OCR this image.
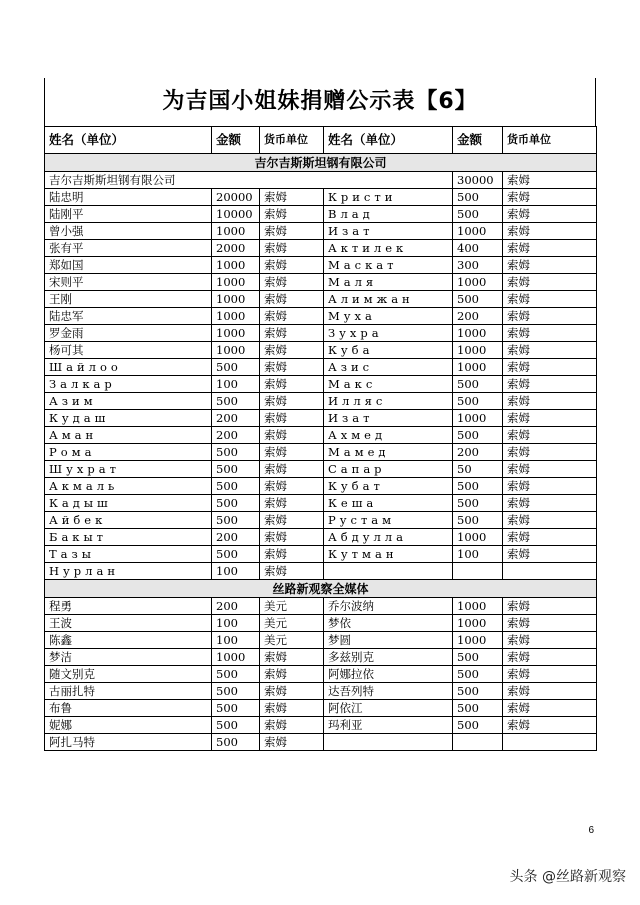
为吉国小姐妹捐赠公示表【6】
姓名（单位）	金额	货币单位	姓名（单位）	金额	货币单位
吉尔吉斯斯坦钢有限公司					
吉尔吉斯斯坦钢有限公司				30000	索姆
陆忠明	20000	索姆	Кристи	500	索姆
陆刚平	10000	索姆	Влад	500	索姆
曾小强	1000	索姆	Изат	1000	索姆
张有平	2000	索姆	Актилек	400	索姆
郑如国	1000	索姆	Маскат	300	索姆
宋则平	1000	索姆	Маля	1000	索姆
王刚	1000	索姆	Алимжан	500	索姆
陆忠军	1000	索姆	Муха	200	索姆
罗金雨	1000	索姆	Зухра	1000	索姆
杨可其	1000	索姆	Куба	1000	索姆
Шайлоо	500	索姆	Азис	1000	索姆
Залкар	100	索姆	Макс	500	索姆
Азим	500	索姆	Илляс	500	索姆
Кудаш	200	索姆	Изат	1000	索姆
Аман	200	索姆	Ахмед	500	索姆
Рома	500	索姆	Мамед	200	索姆
Шухрат	500	索姆	Сапар	50	索姆
Акмаль	500	索姆	Кубат	500	索姆
Кадыш	500	索姆	Кеша	500	索姆
Айбек	500	索姆	Рустам	500	索姆
Бакыт	200	索姆	Абдулла	1000	索姆
Тазы	500	索姆	Кутман	100	索姆
Нурлан	100	索姆			
丝路新观察全媒体					
程勇	200	美元	乔尔波纳	1000	索姆
王波	100	美元	梦依	1000	索姆
陈鑫	100	美元	梦圆	1000	索姆
梦洁	1000	索姆	多兹别克	500	索姆
随文别克	500	索姆	阿娜拉依	500	索姆
古丽扎特	500	索姆	达吾列特	500	索姆
布鲁	500	索姆	阿依江	500	索姆
妮娜	500	索姆	玛利亚	500	索姆
阿扎马特	500	索姆			
6
头条 @丝路新观察
